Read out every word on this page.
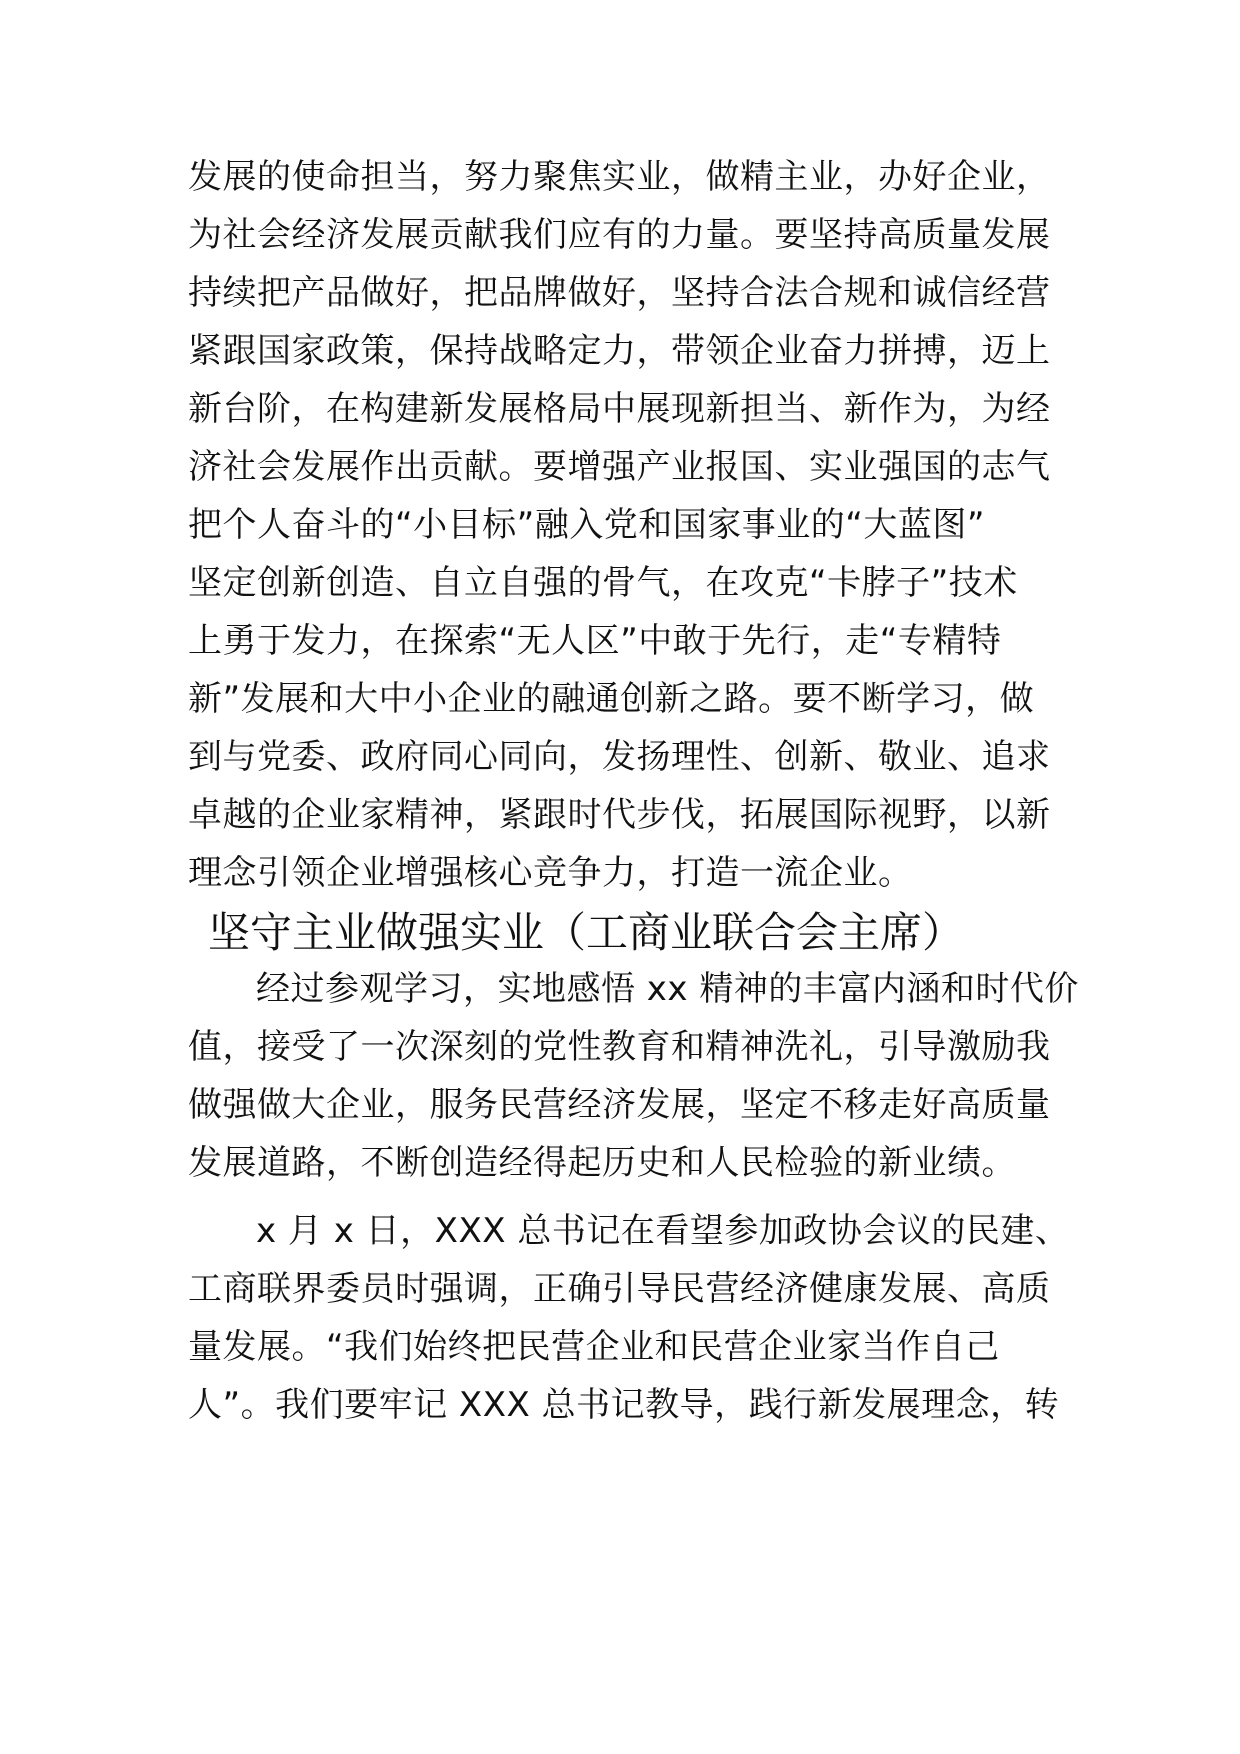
发展的使命担当，努力聚焦实业，做精主业，办好企业，
为社会经济发展贡献我们应有的力量。要坚持高质量发展
持续把产品做好，把品牌做好，坚持合法合规和诚信经营
紧跟国家政策，保持战略定力，带领企业奋力拼搏，迈上
新台阶，在构建新发展格局中展现新担当、新作为，为经
济社会发展作出贡献。要增强产业报国、实业强国的志气
把个人奋斗的“小目标”融入党和国家事业的“大蓝图”
坚定创新创造、自立自强的骨气，在攻克“卡脖子”技术
上勇于发力，在探索“无人区”中敢于先行，走“专精特
新”发展和大中小企业的融通创新之路。要不断学习，做
到与党委、政府同心同向，发扬理性、创新、敬业、追求
卓越的企业家精神，紧跟时代步伐，拓展国际视野，以新
理念引领企业增强核心竞争力，打造一流企业。
坚守主业做强实业（工商业联合会主席）
经过参观学习，实地感悟 xx 精神的丰富内涵和时代价
值，接受了一次深刻的党性教育和精神洗礼，引导激励我
做强做大企业，服务民营经济发展，坚定不移走好高质量
发展道路，不断创造经得起历史和人民检验的新业绩。
x 月 x 日，XXX 总书记在看望参加政协会议的民建、
工商联界委员时强调，正确引导民营经济健康发展、高质
量发展。“我们始终把民营企业和民营企业家当作自己
人”。我们要牢记 XXX 总书记教导，践行新发展理念，转
